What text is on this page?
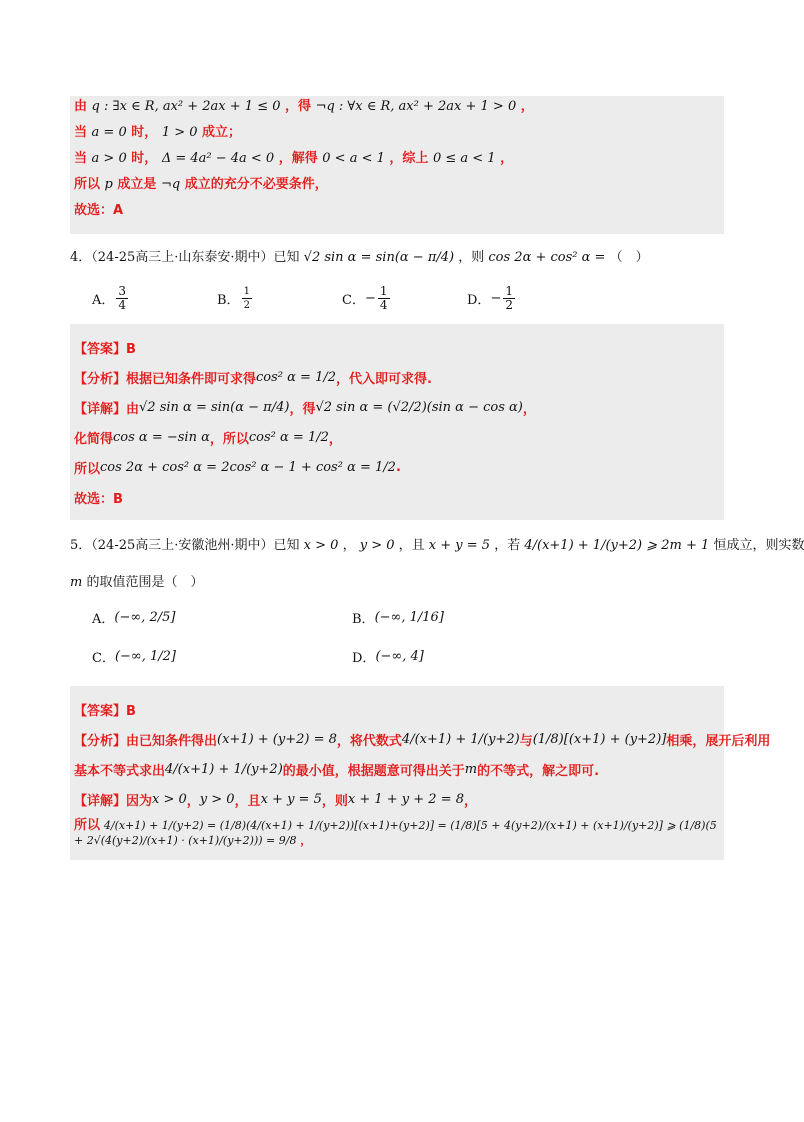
由 q : ∃x ∈ R, ax² + 2ax + 1 ≤ 0 ，得 ¬q : ∀x ∈ R, ax² + 2ax + 1 > 0 ，
当 a = 0 时， 1 > 0 成立；
当 a > 0 时， Δ = 4a² − 4a < 0 ，解得 0 < a < 1 ，综上 0 ≤ a < 1 ，
所以 p 成立是 ¬q 成立的充分不必要条件，
故选：A
4．（24-25高三上·山东泰安·期中）已知 √2 sin α = sin(α − π/4) ，则 cos 2α + cos² α = （　）
A． $\frac{3}{4}$	B． $\frac{1}{2}$	C． − $\frac{1}{4}$	D． − $\frac{1}{2}$
【答案】B
【分析】根据已知条件即可求得 cos² α = 1/2 ，代入即可求得.
【详解】由 √2 sin α = sin(α − π/4) ，得 √2 sin α = (√2/2)(sin α − cos α) ，
化简得 cos α = −sin α ，所以 cos² α = 1/2 ，
所以 cos 2α + cos² α = 2cos² α − 1 + cos² α = 1/2 .
故选：B
5．（24-25高三上·安徽池州·期中）已知 x > 0 ， y > 0 ，且 x + y = 5 ，若 4/(x+1) + 1/(y+2) ⩾ 2m + 1 恒成立，则实数
m 的取值范围是（　）
A． (−∞, 2/5]	B． (−∞, 1/16]
C． (−∞, 1/2]	D． (−∞, 4]
【答案】B
【分析】由已知条件得出 (x+1) + (y+2) = 8 ，将代数式 4/(x+1) + 1/(y+2) 与 (1/8)[(x+1) + (y+2)] 相乘，展开后利用
基本不等式求出 4/(x+1) + 1/(y+2) 的最小值，根据题意可得出关于 m 的不等式，解之即可.
【详解】因为 x > 0 ， y > 0 ，且 x + y = 5 ，则 x + 1 + y + 2 = 8 ，
所以 4/(x+1) + 1/(y+2) = (1/8)(4/(x+1) + 1/(y+2))[(x+1)+(y+2)] = (1/8)[5 + 4(y+2)/(x+1) + (x+1)/(y+2)] ⩾ (1/8)(5 + 2√(4(y+2)/(x+1) · (x+1)/(y+2))) = 9/8 ，
